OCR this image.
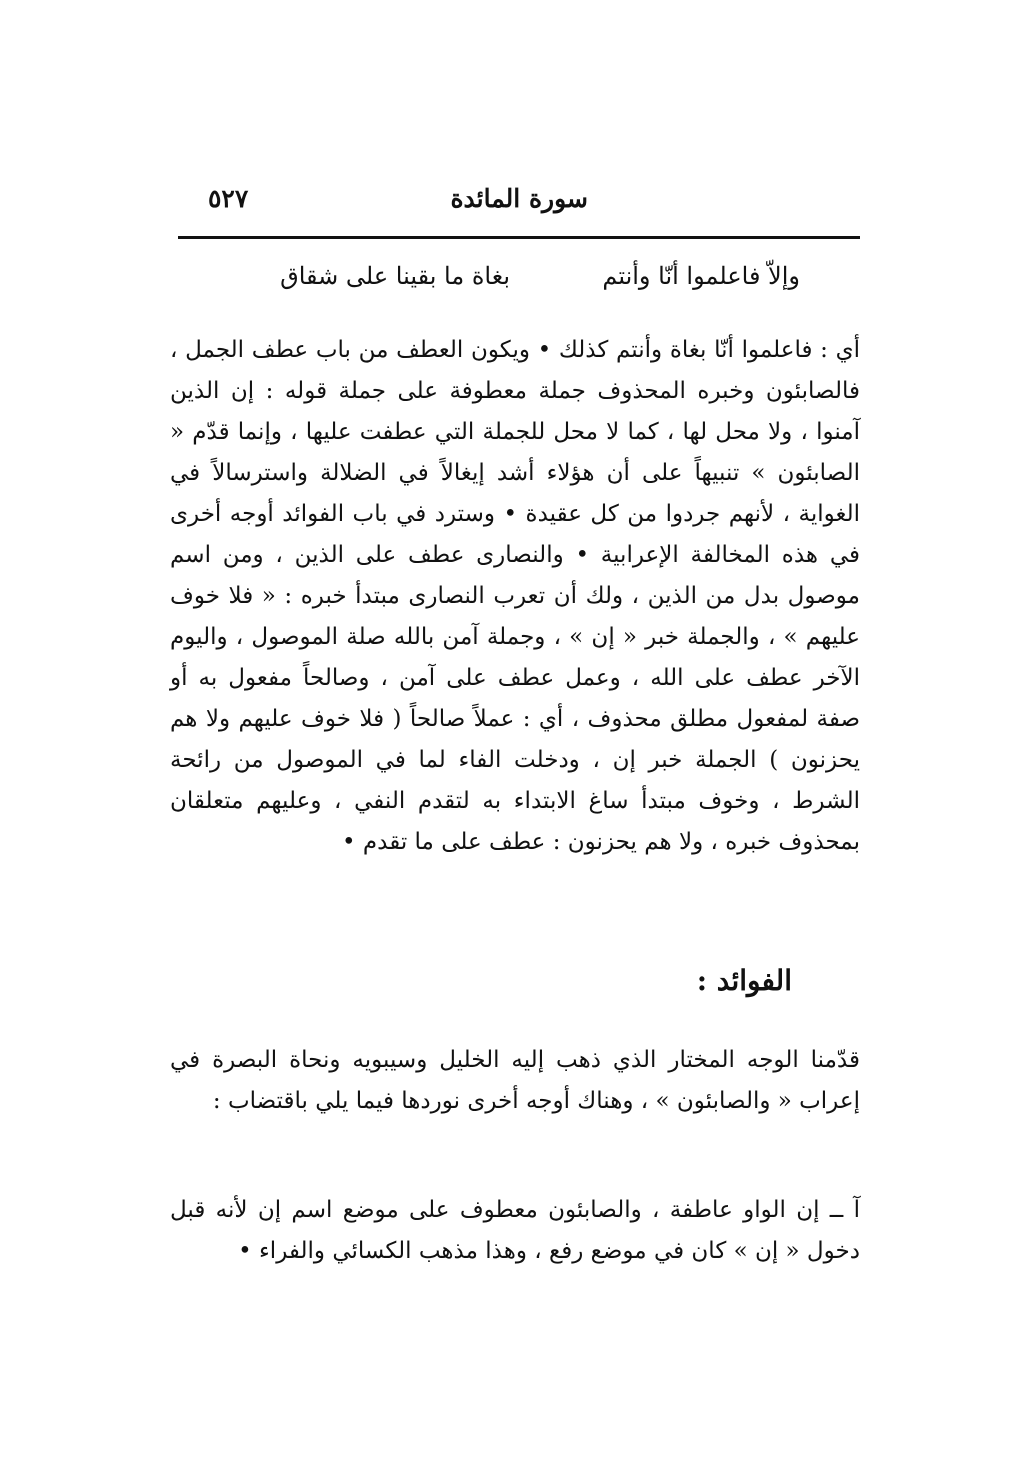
سورة المائدة
٥٢٧
وإلاّ فاعلموا أنّا وأنتم
بغاة ما بقينا على شقاق

أي : فاعلموا أنّا بغاة وأنتم كذلك • ويكون العطف من باب عطف الجمل ، فالصابئون وخبره المحذوف جملة معطوفة على جملة قوله : إن الذين آمنوا ، ولا محل لها ، كما لا محل للجملة التي عطفت عليها ، وإنما قدّم « الصابئون » تنبيهاً على أن هؤلاء أشد إيغالاً في الضلالة واسترسالاً في الغواية ، لأنهم جردوا من كل عقيدة • وسترد في باب الفوائد أوجه أخرى في هذه المخالفة الإعرابية • والنصارى عطف على الذين ، ومن اسم موصول بدل من الذين ، ولك أن تعرب النصارى مبتدأ خبره : « فلا خوف عليهم » ، والجملة خبر « إن » ، وجملة آمن بالله صلة الموصول ، واليوم الآخر عطف على الله ، وعمل عطف على آمن ، وصالحاً مفعول به أو صفة لمفعول مطلق محذوف ، أي : عملاً صالحاً ( فلا خوف عليهم ولا هم يحزنون ) الجملة خبر إن ، ودخلت الفاء لما في الموصول من رائحة الشرط ، وخوف مبتدأ ساغ الابتداء به لتقدم النفي ، وعليهم متعلقان بمحذوف خبره ، ولا هم يحزنون : عطف على ما تقدم •

الفوائد :

قدّمنا الوجه المختار الذي ذهب إليه الخليل وسيبويه ونحاة البصرة في إعراب « والصابئون » ، وهناك أوجه أخرى نوردها فيما يلي باقتضاب :

آ ــ إن الواو عاطفة ، والصابئون معطوف على موضع اسم إن لأنه قبل دخول « إن » كان في موضع رفع ، وهذا مذهب الكسائي والفراء •
